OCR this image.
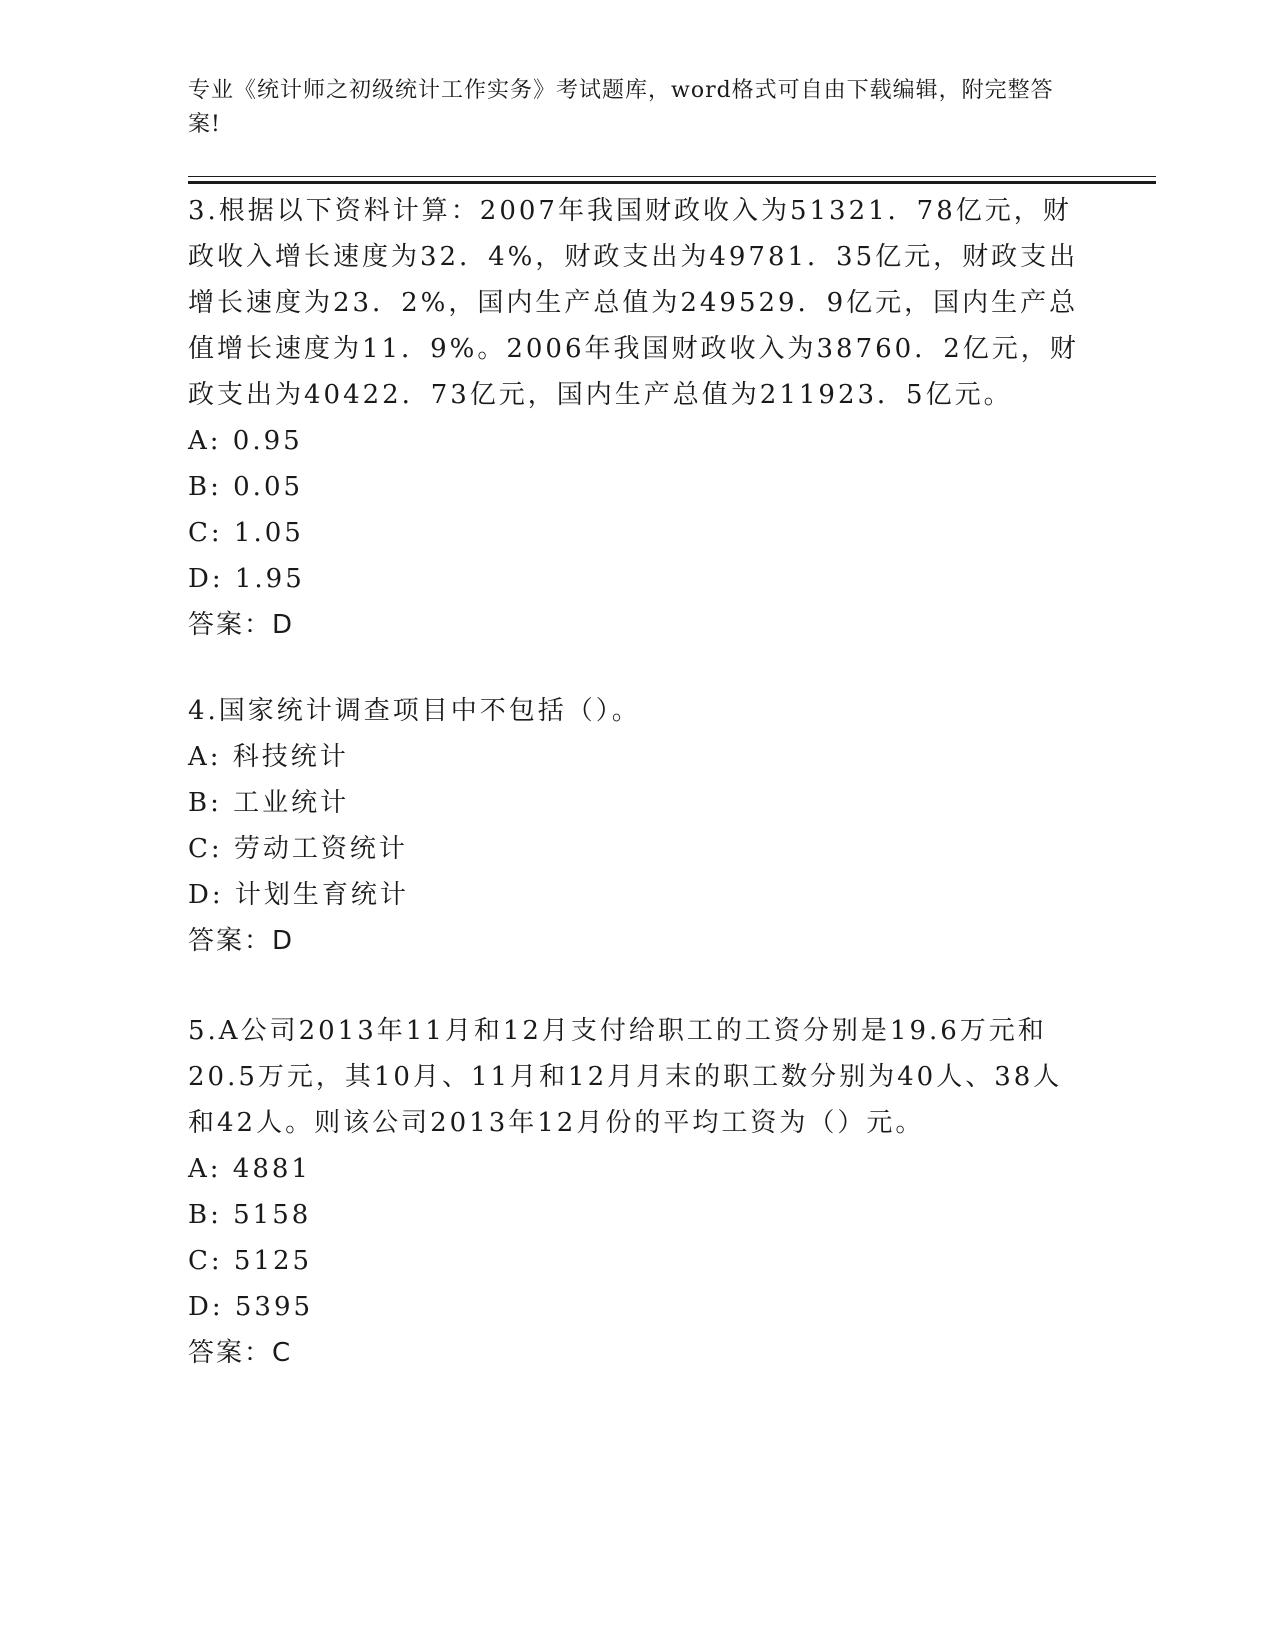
专业《统计师之初级统计工作实务》考试题库，word格式可自由下载编辑，附完整答案!
3.根据以下资料计算：2007年我国财政收入为51321．78亿元，财政收入增长速度为32．4%，财政支出为49781．35亿元，财政支出增长速度为23．2%，国内生产总值为249529．9亿元，国内生产总值增长速度为11．9%。2006年我国财政收入为38760．2亿元，财政支出为40422．73亿元，国内生产总值为211923．5亿元。
A: 0.95
B: 0.05
C: 1.05
D: 1.95
答案：D
4.国家统计调查项目中不包括（）。
A: 科技统计
B: 工业统计
C: 劳动工资统计
D: 计划生育统计
答案：D
5.A公司2013年11月和12月支付给职工的工资分别是19.6万元和20.5万元，其10月、11月和12月月末的职工数分别为40人、38人和42人。则该公司2013年12月份的平均工资为（）元。
A: 4881
B: 5158
C: 5125
D: 5395
答案：C
